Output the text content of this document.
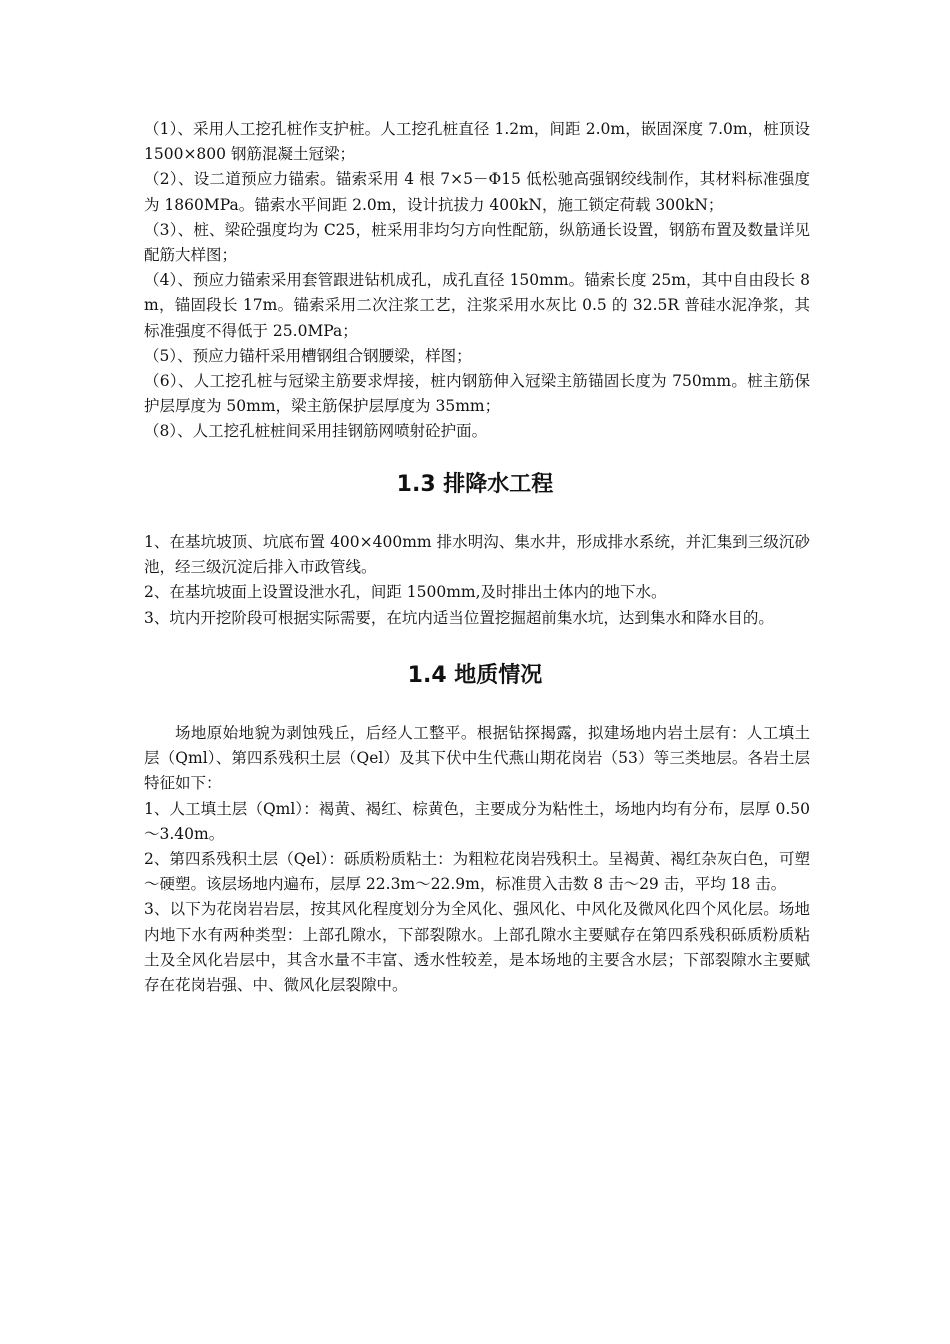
（1）、采用人工挖孔桩作支护桩。人工挖孔桩直径 1.2m，间距 2.0m，嵌固深度 7.0m，桩顶设 1500×800 钢筋混凝土冠梁；

（2）、设二道预应力锚索。锚索采用 4 根 7×5－Φ15 低松驰高强钢绞线制作，其材料标准强度为 1860MPa。锚索水平间距 2.0m，设计抗拔力 400kN，施工锁定荷载 300kN；

（3）、桩、梁砼强度均为 C25，桩采用非均匀方向性配筋，纵筋通长设置，钢筋布置及数量详见配筋大样图；

（4）、预应力锚索采用套管跟进钻机成孔，成孔直径 150mm。锚索长度 25m，其中自由段长 8m，锚固段长 17m。锚索采用二次注浆工艺，注浆采用水灰比 0.5 的 32.5R 普硅水泥净浆，其标准强度不得低于 25.0MPa；

（5）、预应力锚杆采用槽钢组合钢腰梁，样图；

（6）、人工挖孔桩与冠梁主筋要求焊接，桩内钢筋伸入冠梁主筋锚固长度为 750mm。桩主筋保护层厚度为 50mm，梁主筋保护层厚度为 35mm；

（8）、人工挖孔桩桩间采用挂钢筋网喷射砼护面。

1.3 排降水工程

1、在基坑坡顶、坑底布置 400×400mm 排水明沟、集水井，形成排水系统，并汇集到三级沉砂池，经三级沉淀后排入市政管线。

2、在基坑坡面上设置设泄水孔，间距 1500mm,及时排出土体内的地下水。

3、坑内开挖阶段可根据实际需要，在坑内适当位置挖掘超前集水坑，达到集水和降水目的。

1.4 地质情况

场地原始地貌为剥蚀残丘，后经人工整平。根据钻探揭露，拟建场地内岩土层有：人工填土层（Qml）、第四系残积土层（Qel）及其下伏中生代燕山期花岗岩（53）等三类地层。各岩土层特征如下：

1、人工填土层（Qml）：褐黄、褐红、棕黄色，主要成分为粘性土，场地内均有分布，层厚 0.50～3.40m。

2、第四系残积土层（Qel）：砾质粉质粘土：为粗粒花岗岩残积土。呈褐黄、褐红杂灰白色，可塑～硬塑。该层场地内遍布，层厚 22.3m～22.9m，标准贯入击数 8 击～29 击，平均 18 击。

3、以下为花岗岩岩层，按其风化程度划分为全风化、强风化、中风化及微风化四个风化层。场地内地下水有两种类型：上部孔隙水，下部裂隙水。上部孔隙水主要赋存在第四系残积砾质粉质粘土及全风化岩层中，其含水量不丰富、透水性较差，是本场地的主要含水层；下部裂隙水主要赋存在花岗岩强、中、微风化层裂隙中。
